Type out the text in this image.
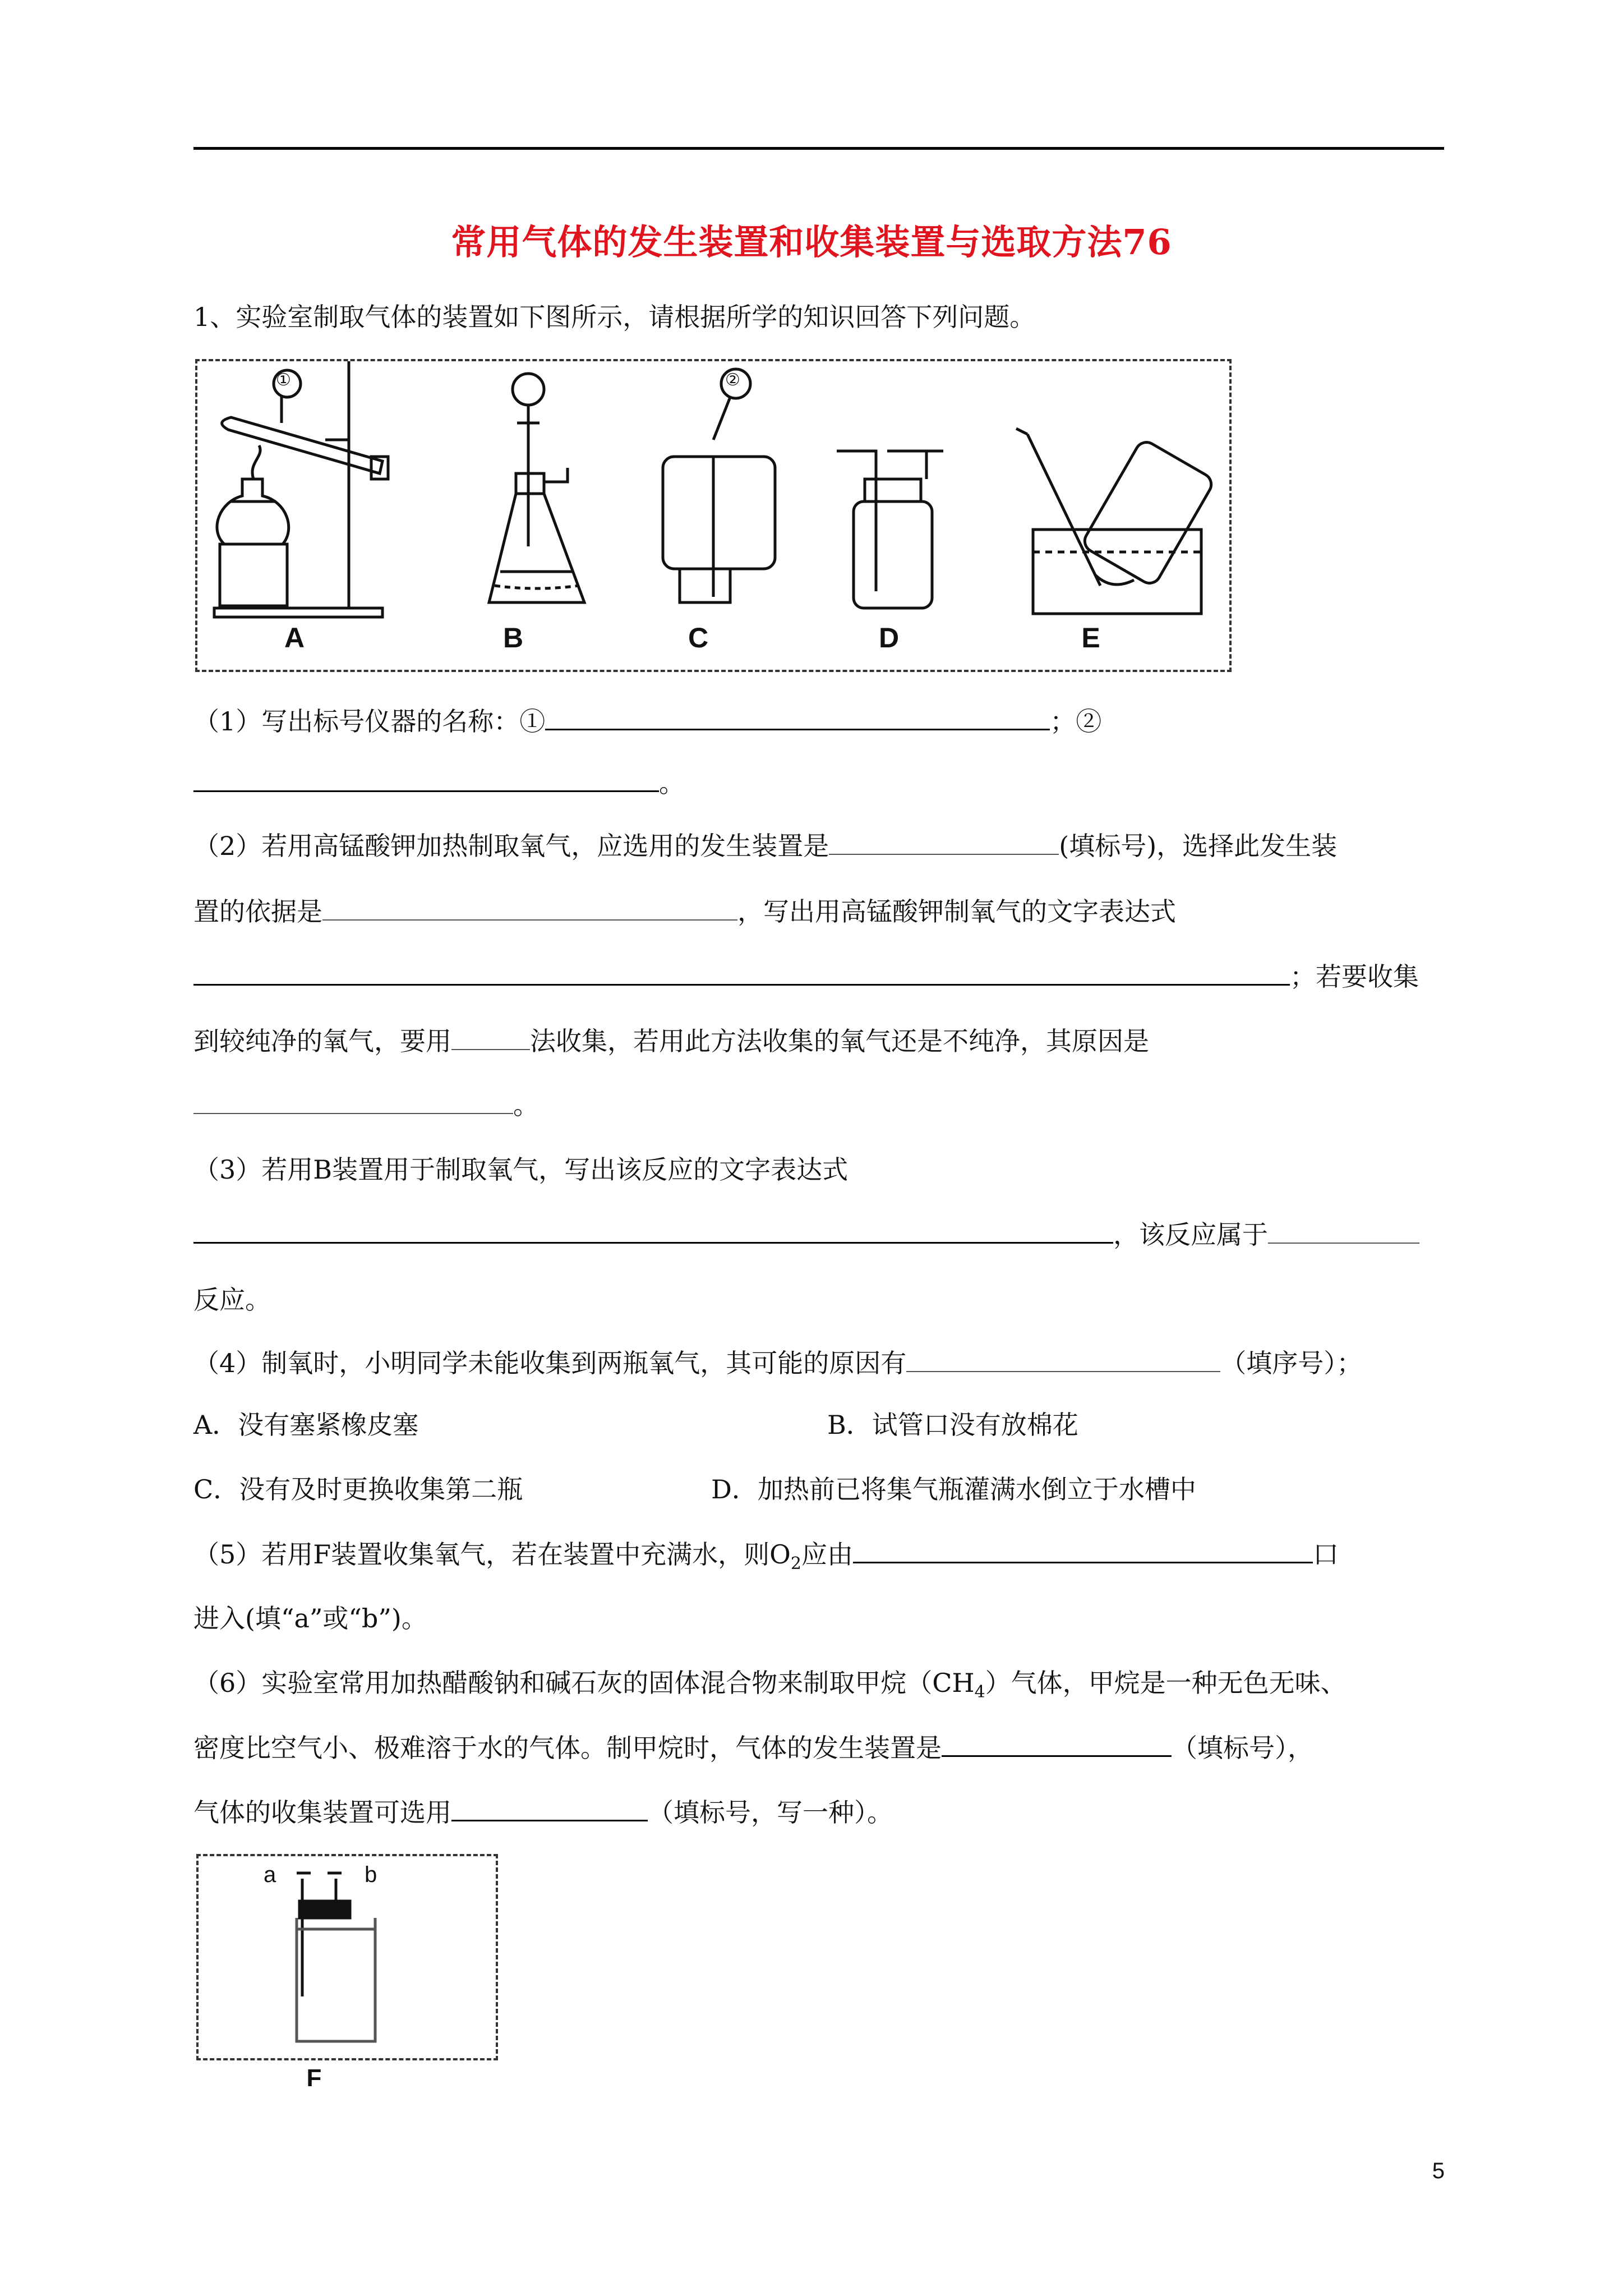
常用气体的发生装置和收集装置与选取方法76
1、实验室制取气体的装置如下图所示，请根据所学的知识回答下列问题。
A	B	C	D	E
①	②
（1）写出标号仪器的名称：①	；②
。
（2）若用高锰酸钾加热制取氧气，应选用的发生装置是	(填标号)，选择此发生装
置的依据是	，写出用高锰酸钾制氧气的文字表达式
；若要收集
到较纯净的氧气，要用	法收集，若用此方法收集的氧气还是不纯净，其原因是
。
（3）若用B装置用于制取氧气，写出该反应的文字表达式
，该反应属于
反应。
（4）制氧时，小明同学未能收集到两瓶氧气，其可能的原因有	（填序号）；
A．没有塞紧橡皮塞	B．试管口没有放棉花
C．没有及时更换收集第二瓶	D．加热前已将集气瓶灌满水倒立于水槽中
（5）若用F装置收集氧气，若在装置中充满水，则$O_2$应由	口
进入(填“a”或“b”)。
（6）实验室常用加热醋酸钠和碱石灰的固体混合物来制取甲烷$(CH_4)$气体，甲烷是一种无色无味、
密度比空气小、极难溶于水的气体。制甲烷时，气体的发生装置是	（填标号），
气体的收集装置可选用	（填标号，写一种）。
a	b
F
5
